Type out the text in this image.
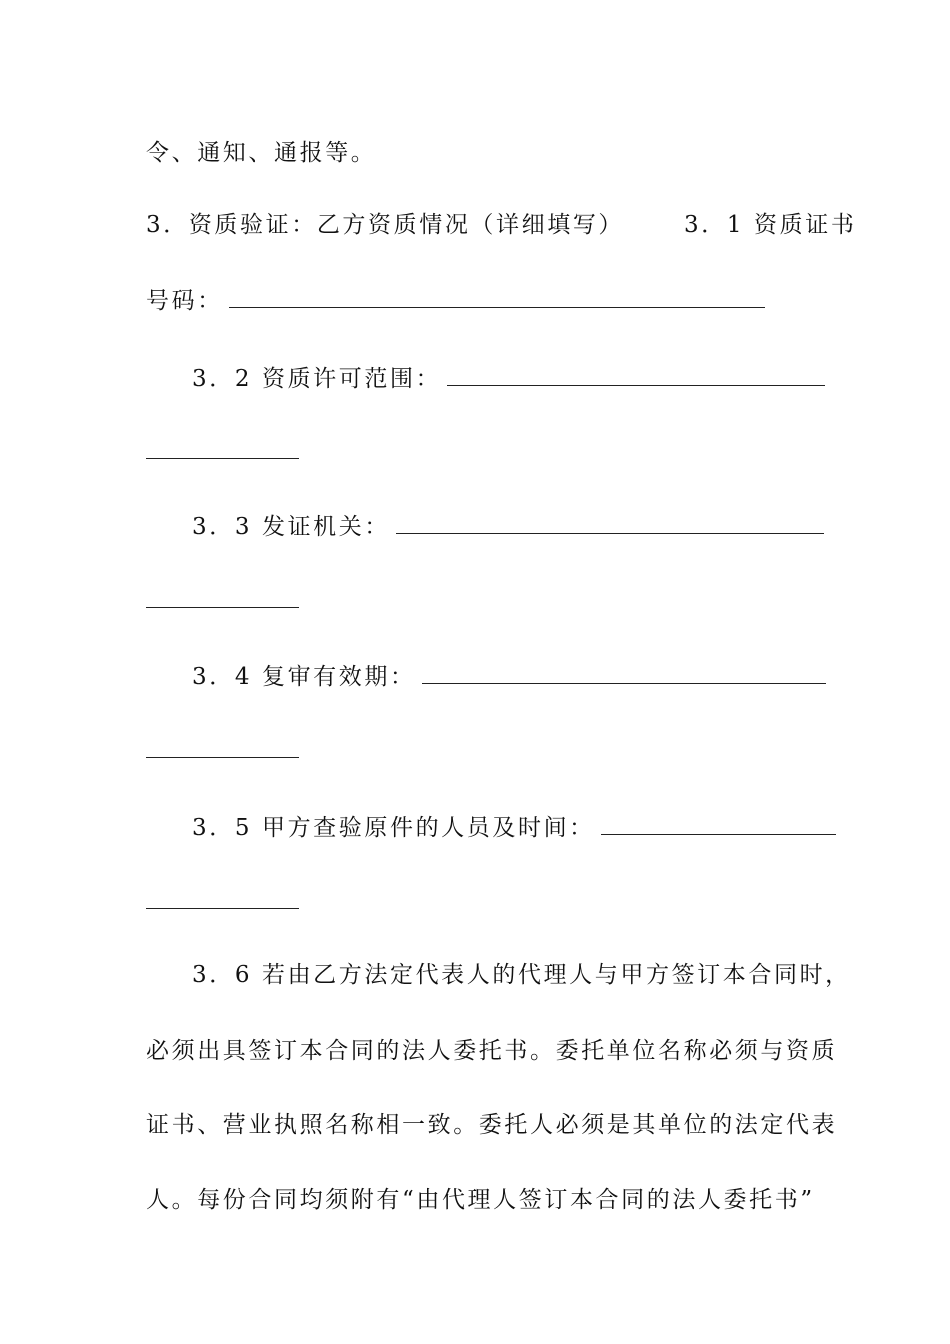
令、通知、通报等。
3．资质验证：乙方资质情况（详细填写）	3．1 资质证书
号码：
3．2 资质许可范围：
3．3 发证机关：
3．4 复审有效期：
3．5 甲方查验原件的人员及时间：
3．6 若由乙方法定代表人的代理人与甲方签订本合同时，
必须出具签订本合同的法人委托书。委托单位名称必须与资质
证书、营业执照名称相一致。委托人必须是其单位的法定代表
人。每份合同均须附有“由代理人签订本合同的法人委托书”
